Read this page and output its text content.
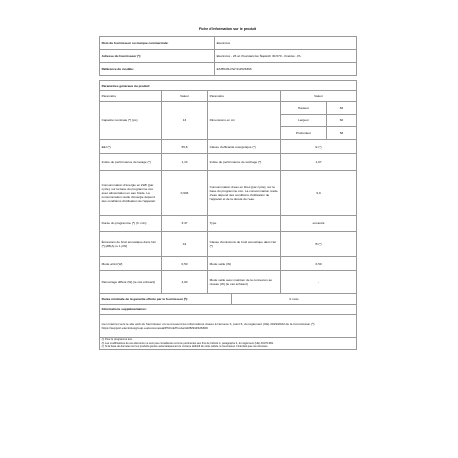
Fiche d'information sur le produit
Nom du fournisseur ou marque commerciale:	Electrolux
Adresse du fournisseur (¹):	Electrolux - 26 al. Powstańców Śląskich 30-570 - Kraków - PL
Référence du modèle:	ESI5543LOW 911526366
Paramètres généraux du produit:					
Paramètre	Valeur	Paramètre		Valeur	
Capacité nominale (ᵃ) (ps)	13	Dimensions en cm		Hauteur	82
				Largeur	60
				Profondeur	58
EEI (ᵃ)	55,8	Classe d'efficacité énergétique (ᵃ)		E (ᶜ)	
Indice de performance de lavage (ᵃ)	1,13	Indice de performance de séchage (ᵃ)		1,07	
Consommation d'énergie en kWh [par cycle], sur la base du programme éco avec alimentation en eau froide. La consommation réelle d'énergie dépend des conditions d'utilisation de l'appareil.	0,936	Consommation d'eau en litres [par cycle], sur la base du programme éco. La consommation réelle d'eau dépend des conditions d'utilisation de l'appareil et de la dureté de l'eau.		9,9	
Durée du programme (ᵃ) (h: min)	3:47	Type		encastré	
Émissions de bruit acoustique dans l'air (ᵃ) [dB(A) re 1 pW]	44	Classe d'émissions de bruit acoustique dans l'air (ᵃ)		B (ᶜ)	
Mode arrêt (W)	0,50	Mode veille (W)		0,50	
Démarrage différé (W) (le cas échéant)	4,00	Mode veille avec maintien de la connexion au réseau (W) (le cas échéant)		-	
Durée minimale de la garantie offerte par le fournisseur (ᵇ):			0 mois		
Informations supplémentaires:					
Lien internet vers le site web du fournisseur où se trouvent les informations visées à l'annexe II, point 6, du règlement (UE) 2019/2022 de la Commission (ᵇ): https://support.electroluxgroup.eu/ecorenewal/PfizInk/ProductsDB/911526366					

(ᵃ) Pour le programme éco.
(ᵇ) Les modifications de ces éléments ne sont pas considérées comme pertinentes aux fins de l'article 4, paragraphe 4, du règlement (UE) 2017/1369.
(ᶜ) Si la base de données sur les produits génère automatiquement le contenu définitif de cette cellule, le fournisseur n'introduit pas ces données.					
